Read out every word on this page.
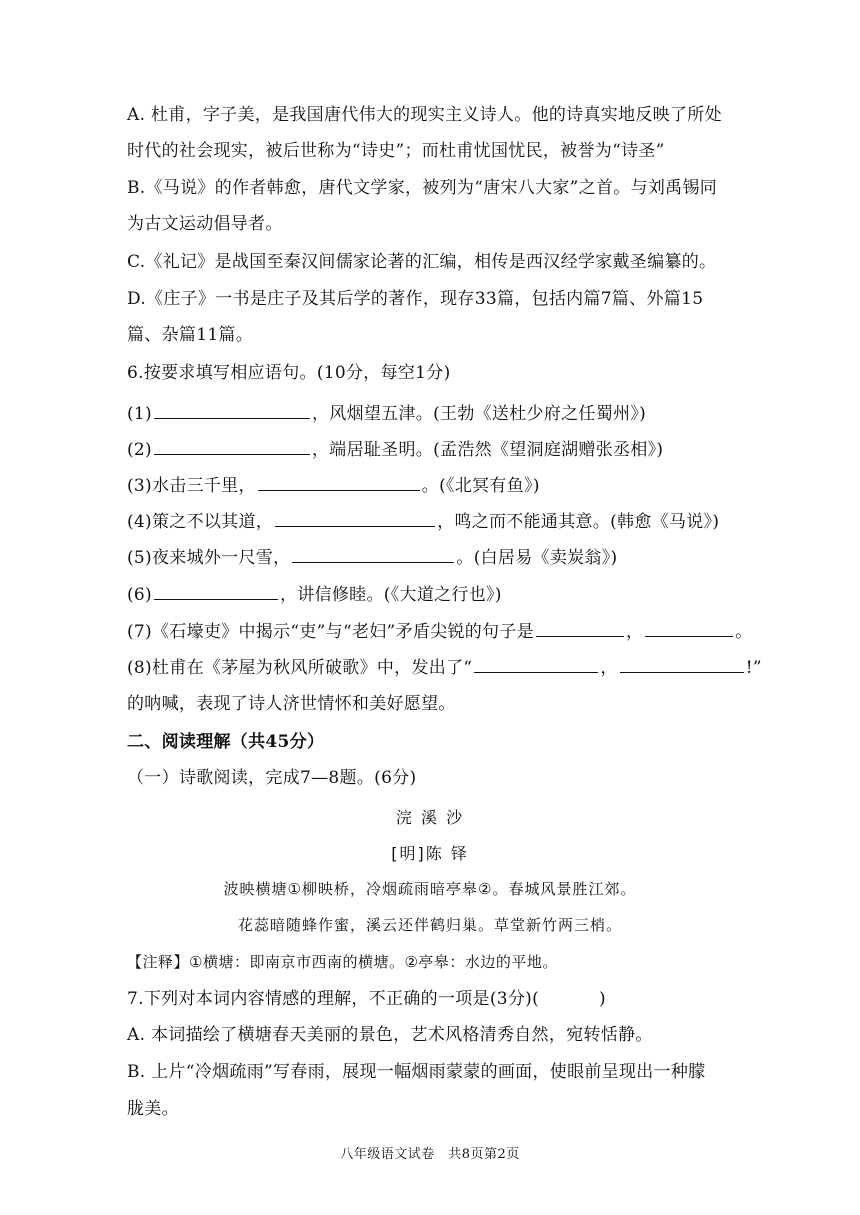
A. 杜甫，字子美，是我国唐代伟大的现实主义诗人。他的诗真实地反映了所处
时代的社会现实，被后世称为“诗史”；而杜甫忧国忧民，被誉为“诗圣”
B.《马说》的作者韩愈，唐代文学家，被列为“唐宋八大家”之首。与刘禹锡同
为古文运动倡导者。
C.《礼记》是战国至秦汉间儒家论著的汇编，相传是西汉经学家戴圣编纂的。
D.《庄子》一书是庄子及其后学的著作，现存33篇，包括内篇7篇、外篇15
篇、杂篇11篇。
6.按要求填写相应语句。(10分，每空1分)
(1)	，风烟望五津。(王勃《送杜少府之任蜀州》)
(2)	，端居耻圣明。(孟浩然《望洞庭湖赠张丞相》)
(3)水击三千里，	。(《北冥有鱼》)
(4)策之不以其道，	，鸣之而不能通其意。(韩愈《马说》)
(5)夜来城外一尺雪，	。(白居易《卖炭翁》)
(6)	，讲信修睦。(《大道之行也》)
(7)《石壕吏》中揭示“吏”与“老妇”矛盾尖锐的句子是	，	。
(8)杜甫在《茅屋为秋风所破歌》中，发出了“	，	!”
的呐喊，表现了诗人济世情怀和美好愿望。
二、阅读理解（共45分）
（一）诗歌阅读，完成7—8题。(6分)
浣 溪 沙
[明]陈 铎
波映横塘①柳映桥，冷烟疏雨暗亭皋②。春城风景胜江郊。
花蕊暗随蜂作蜜，溪云还伴鹤归巢。草堂新竹两三梢。
【注释】①横塘：即南京市西南的横塘。②亭皋：水边的平地。
7.下列对本词内容情感的理解，不正确的一项是(3分)(	)
A. 本词描绘了横塘春天美丽的景色，艺术风格清秀自然，宛转恬静。
B. 上片“冷烟疏雨”写春雨，展现一幅烟雨蒙蒙的画面，使眼前呈现出一种朦
胧美。
八年级语文试卷　共8页第2页
